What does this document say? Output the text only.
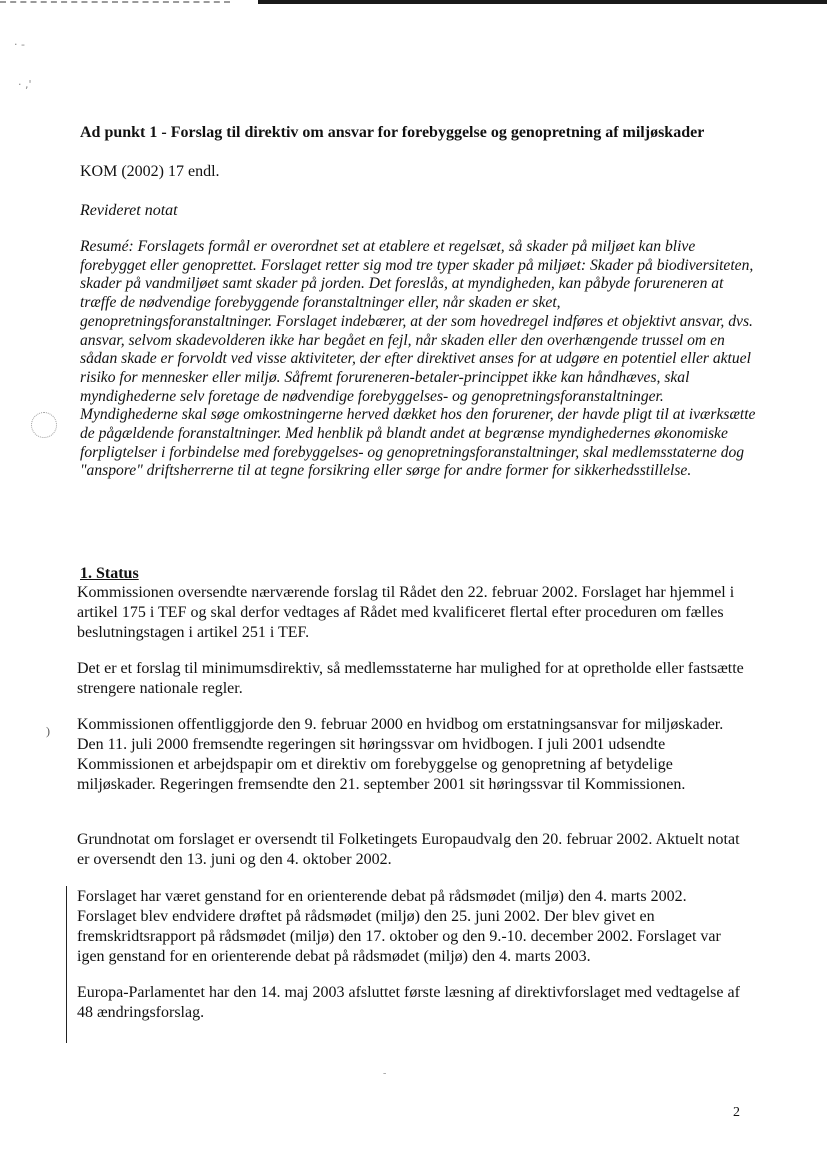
· -
‧ ,'
)
-
Ad punkt 1 - Forslag til direktiv om ansvar for forebyggelse og genopretning af miljøskader

KOM (2002) 17 endl.

Revideret notat

Resumé: Forslagets formål er overordnet set at etablere et regelsæt, så skader på miljøet kan blive forebygget eller genoprettet. Forslaget retter sig mod tre typer skader på miljøet: Skader på biodiversiteten, skader på vandmiljøet samt skader på jorden. Det foreslås, at myndigheden, kan påbyde forureneren at træffe de nødvendige forebyggende foranstaltninger eller, når skaden er sket, genopretningsforanstaltninger. Forslaget indebærer, at der som hovedregel indføres et objektivt ansvar, dvs. ansvar, selvom skadevolderen ikke har begået en fejl, når skaden eller den overhængende trussel om en sådan skade er forvoldt ved visse aktiviteter, der efter direktivet anses for at udgøre en potentiel eller aktuel risiko for mennesker eller miljø. Såfremt forureneren-betaler-princippet ikke kan håndhæves, skal myndighederne selv foretage de nødvendige forebyggelses- og genopretningsforanstaltninger. Myndighederne skal søge omkostningerne herved dækket hos den forurener, der havde pligt til at iværksætte de pågældende foranstaltninger. Med henblik på blandt andet at begrænse myndighedernes økonomiske forpligtelser i forbindelse med forebyggelses- og genopretningsforanstaltninger, skal medlemsstaterne dog "anspore" driftsherrerne til at tegne forsikring eller sørge for andre former for sikkerhedsstillelse.

1. Status

Kommissionen oversendte nærværende forslag til Rådet den 22. februar 2002. Forslaget har hjemmel i artikel 175 i TEF og skal derfor vedtages af Rådet med kvalificeret flertal efter proceduren om fælles beslutningstagen i artikel 251 i TEF.

Det er et forslag til minimumsdirektiv, så medlemsstaterne har mulighed for at opretholde eller fastsætte strengere nationale regler.

Kommissionen offentliggjorde den 9. februar 2000 en hvidbog om erstatningsansvar for miljøskader. Den 11. juli 2000 fremsendte regeringen sit høringssvar om hvidbogen. I juli 2001 udsendte Kommissionen et arbejdspapir om et direktiv om forebyggelse og genopretning af betydelige miljøskader. Regeringen fremsendte den 21. september 2001 sit høringssvar til Kommissionen.

Grundnotat om forslaget er oversendt til Folketingets Europaudvalg den 20. februar 2002. Aktuelt notat er oversendt den 13. juni og den 4. oktober 2002.

Forslaget har været genstand for en orienterende debat på rådsmødet (miljø) den 4. marts 2002. Forslaget blev endvidere drøftet på rådsmødet (miljø) den 25. juni 2002. Der blev givet en fremskridtsrapport på rådsmødet (miljø) den 17. oktober og den 9.-10. december 2002. Forslaget var igen genstand for en orienterende debat på rådsmødet (miljø) den 4. marts 2003.

Europa-Parlamentet har den 14. maj 2003 afsluttet første læsning af direktivforslaget med vedtagelse af 48 ændringsforslag.

2
